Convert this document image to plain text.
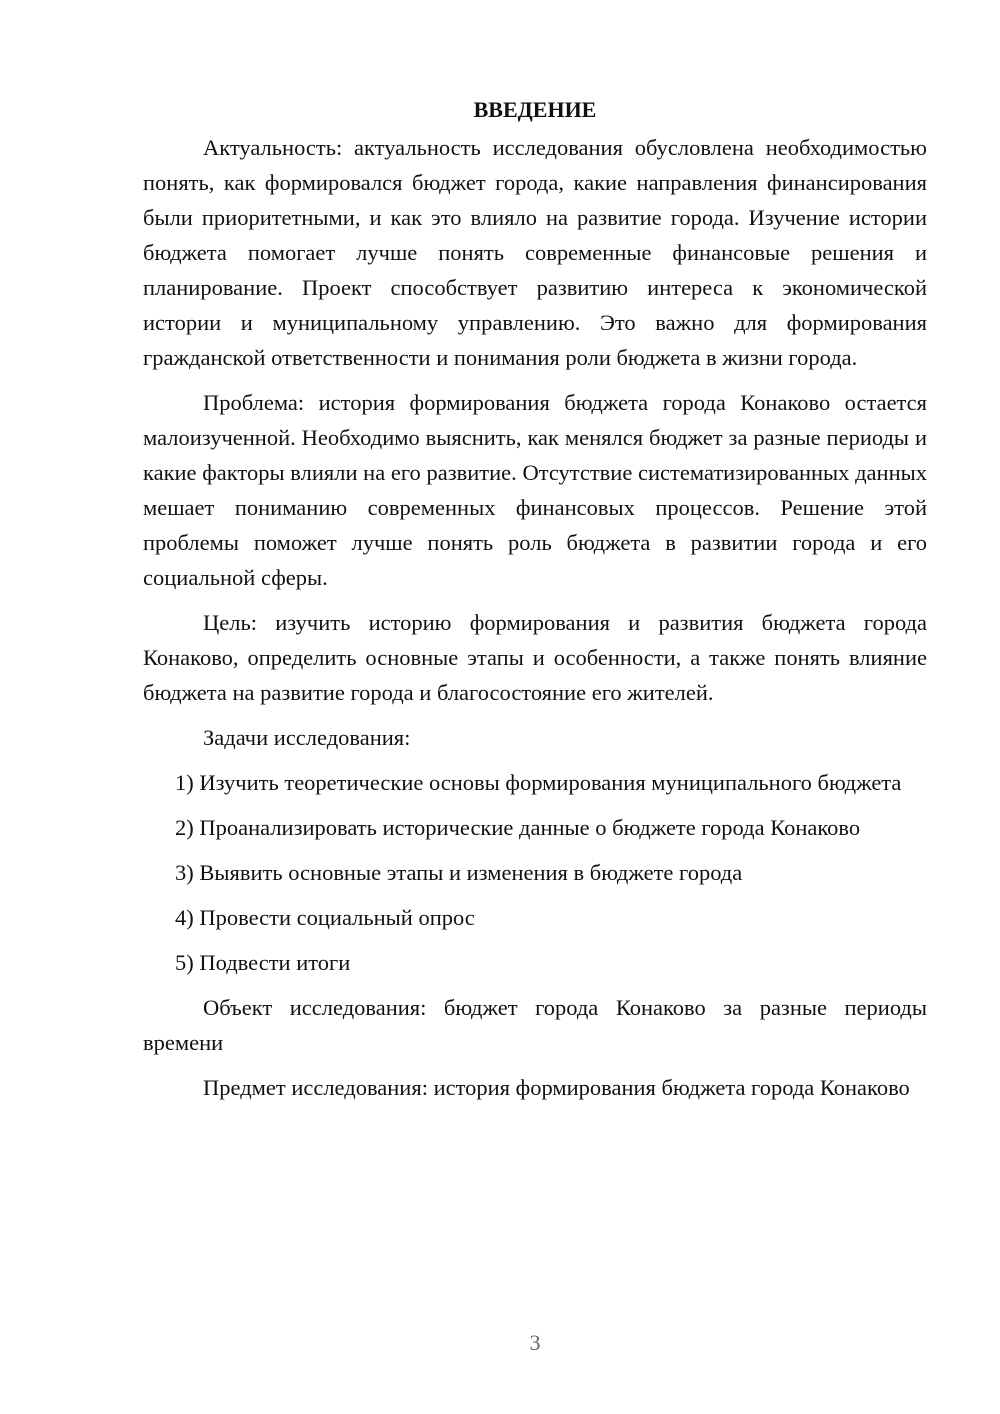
ВВЕДЕНИЕ

Актуальность: актуальность исследования обусловлена необходимостью понять, как формировался бюджет города, какие направления финансирования были приоритетными, и как это влияло на развитие города. Изучение истории бюджета помогает лучше понять современные финансовые решения и планирование. Проект способствует развитию интереса к экономической истории и муниципальному управлению. Это важно для формирования гражданской ответственности и понимания роли бюджета в жизни города.

Проблема: история формирования бюджета города Конаково остается малоизученной. Необходимо выяснить, как менялся бюджет за разные периоды и какие факторы влияли на его развитие. Отсутствие систематизированных данных мешает пониманию современных финансовых процессов. Решение этой проблемы поможет лучше понять роль бюджета в развитии города и его социальной сферы.

Цель: изучить историю формирования и развития бюджета города Конаково, определить основные этапы и особенности, а также понять влияние бюджета на развитие города и благосостояние его жителей.

Задачи исследования:

1) Изучить теоретические основы формирования муниципального бюджета
2) Проанализировать исторические данные о бюджете города Конаково
3) Выявить основные этапы и изменения в бюджете города
4) Провести социальный опрос
5) Подвести итоги

Объект исследования: бюджет города Конаково за разные периоды времени

Предмет исследования: история формирования бюджета города Конаково

3
